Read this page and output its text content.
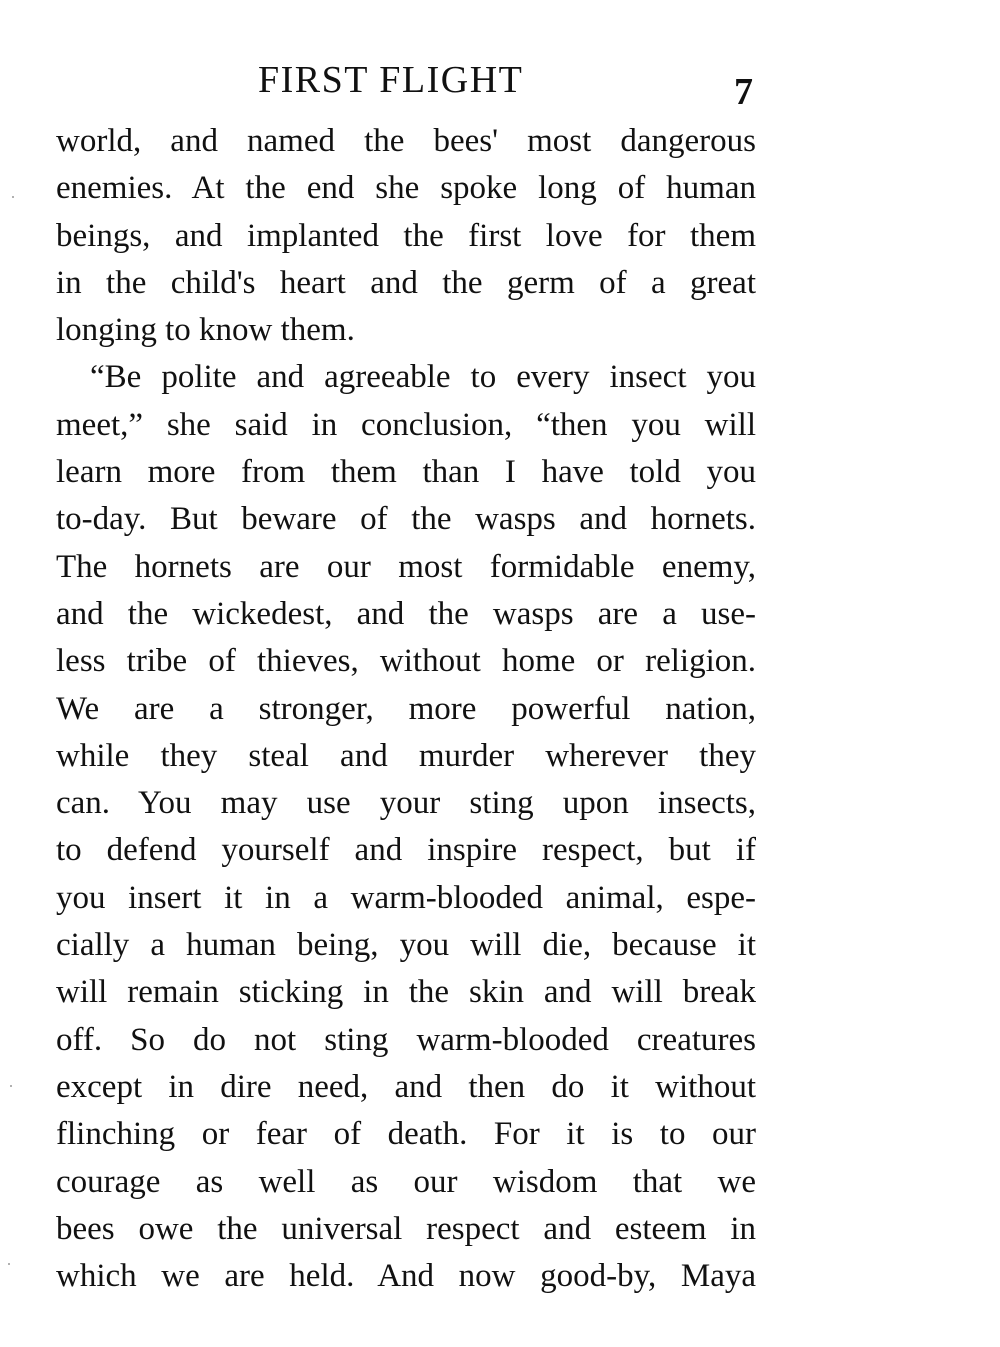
FIRST FLIGHT	7
world, and named the bees' most dangerous
enemies. At the end she spoke long of human
beings, and implanted the first love for them
in the child's heart and the germ of a great
longing to know them.
“Be polite and agreeable to every insect you
meet,” she said in conclusion, “then you will
learn more from them than I have told you
to-day. But beware of the wasps and hornets.
The hornets are our most formidable enemy,
and the wickedest, and the wasps are a use-
less tribe of thieves, without home or religion.
We are a stronger, more powerful nation,
while they steal and murder wherever they
can. You may use your sting upon insects,
to defend yourself and inspire respect, but if
you insert it in a warm-blooded animal, espe-
cially a human being, you will die, because it
will remain sticking in the skin and will break
off. So do not sting warm-blooded creatures
except in dire need, and then do it without
flinching or fear of death. For it is to our
courage as well as our wisdom that we
bees owe the universal respect and esteem in
which we are held. And now good-by, Maya
